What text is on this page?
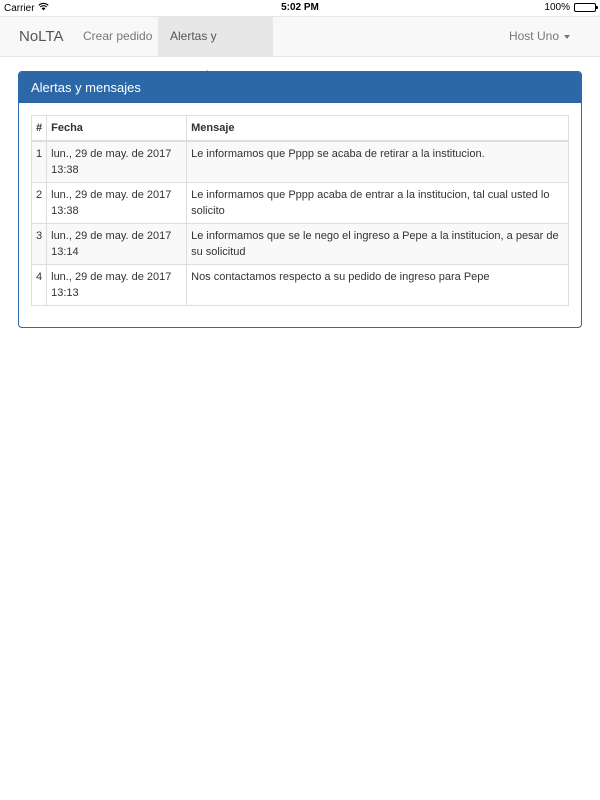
Carrier	5:02 PM	100%
NoLTA	Crear pedido	Alertas y	Host Uno
Alertas y mensajes
#	Fecha	Mensaje
1	lun., 29 de may. de 2017 13:38	Le informamos que Pppp se acaba de retirar a la institucion.
2	lun., 29 de may. de 2017 13:38	Le informamos que Pppp acaba de entrar a la institucion, tal cual usted lo solicito
3	lun., 29 de may. de 2017 13:14	Le informamos que se le nego el ingreso a Pepe a la institucion, a pesar de su solicitud
4	lun., 29 de may. de 2017 13:13	Nos contactamos respecto a su pedido de ingreso para Pepe
